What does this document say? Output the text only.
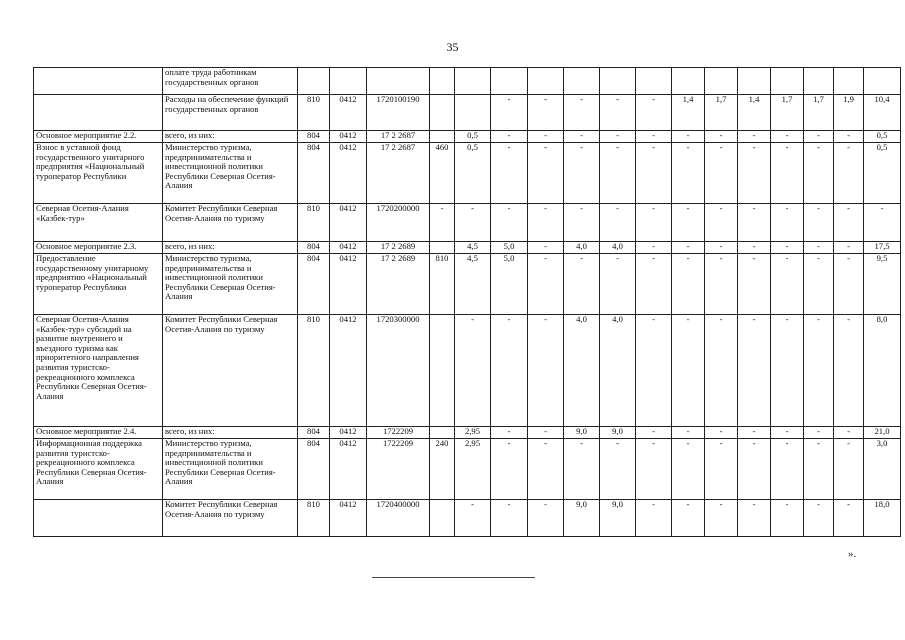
35
	оплате труда работникам государственных органов																		
	Расходы на обеспечение функций государственных органов	810	0412	1720100190			-	-	-	-	-	1,4	1,7	1,4	1,7	1,7	1,9	10,4	
Основное мероприятие 2.2.	всего, из них:	804	0412	17 2 2687		0,5	-	-	-	-	-	-	-	-	-	-	-	0,5	
Взнос в уставной фонд государственного унитарного предприятия «Национальный туроператор Республики	Министерство туризма, предпринимательства и инвестиционной политики Республики Северная Осетия-Алания	804	0412	17 2 2687	460	0,5	-	-	-	-	-	-	-	-	-	-	-	0,5	
Северная Осетия-Алания «Казбек-тур»	Комитет Республики Северная Осетия-Алания по туризму	810	0412	1720200000	-	-	-	-	-	-	-	-	-	-	-	-	-	-	
Основное мероприятие 2.3.	всего, из них:	804	0412	17 2 2689		4,5	5,0	-	4,0	4,0	-	-	-	-	-	-	-	17,5	
Предоставление государственному унитарному предприятию «Национальный туроператор Республики	Министерство туризма, предпринимательства и инвестиционной политики Республики Северная Осетия-Алания	804	0412	17 2 2689	810	4,5	5,0	-	-	-	-	-	-	-	-	-	-	9,5	
Северная Осетия-Алания «Казбек-тур» субсидий на развитие внутреннего и въездного туризма как приоритетного направления развития туристско-рекреационного комплекса Республики Северная Осетия-Алания	Комитет Республики Северная Осетия-Алания по туризму	810	0412	1720300000		-	-	-	4,0	4,0	-	-	-	-	-	-	-	8,0	
Основное мероприятие 2.4.	всего, из них:	804	0412	1722209		2,95	-	-	9,0	9,0	-	-	-	-	-	-	-	21,0	
Информационная поддержка развития туристско-рекреационного комплекса Республики Северная Осетия-Алания	Министерство туризма, предпринимательства и инвестиционной политики Республики Северная Осетия-Алания	804	0412	1722209	240	2,95	-	-	-	-	-	-	-	-	-	-	-	3,0	
	Комитет Республики Северная Осетия-Алания по туризму	810	0412	1720400000		-	-	-	9,0	9,0	-	-	-	-	-	-	-	18,0	
».
